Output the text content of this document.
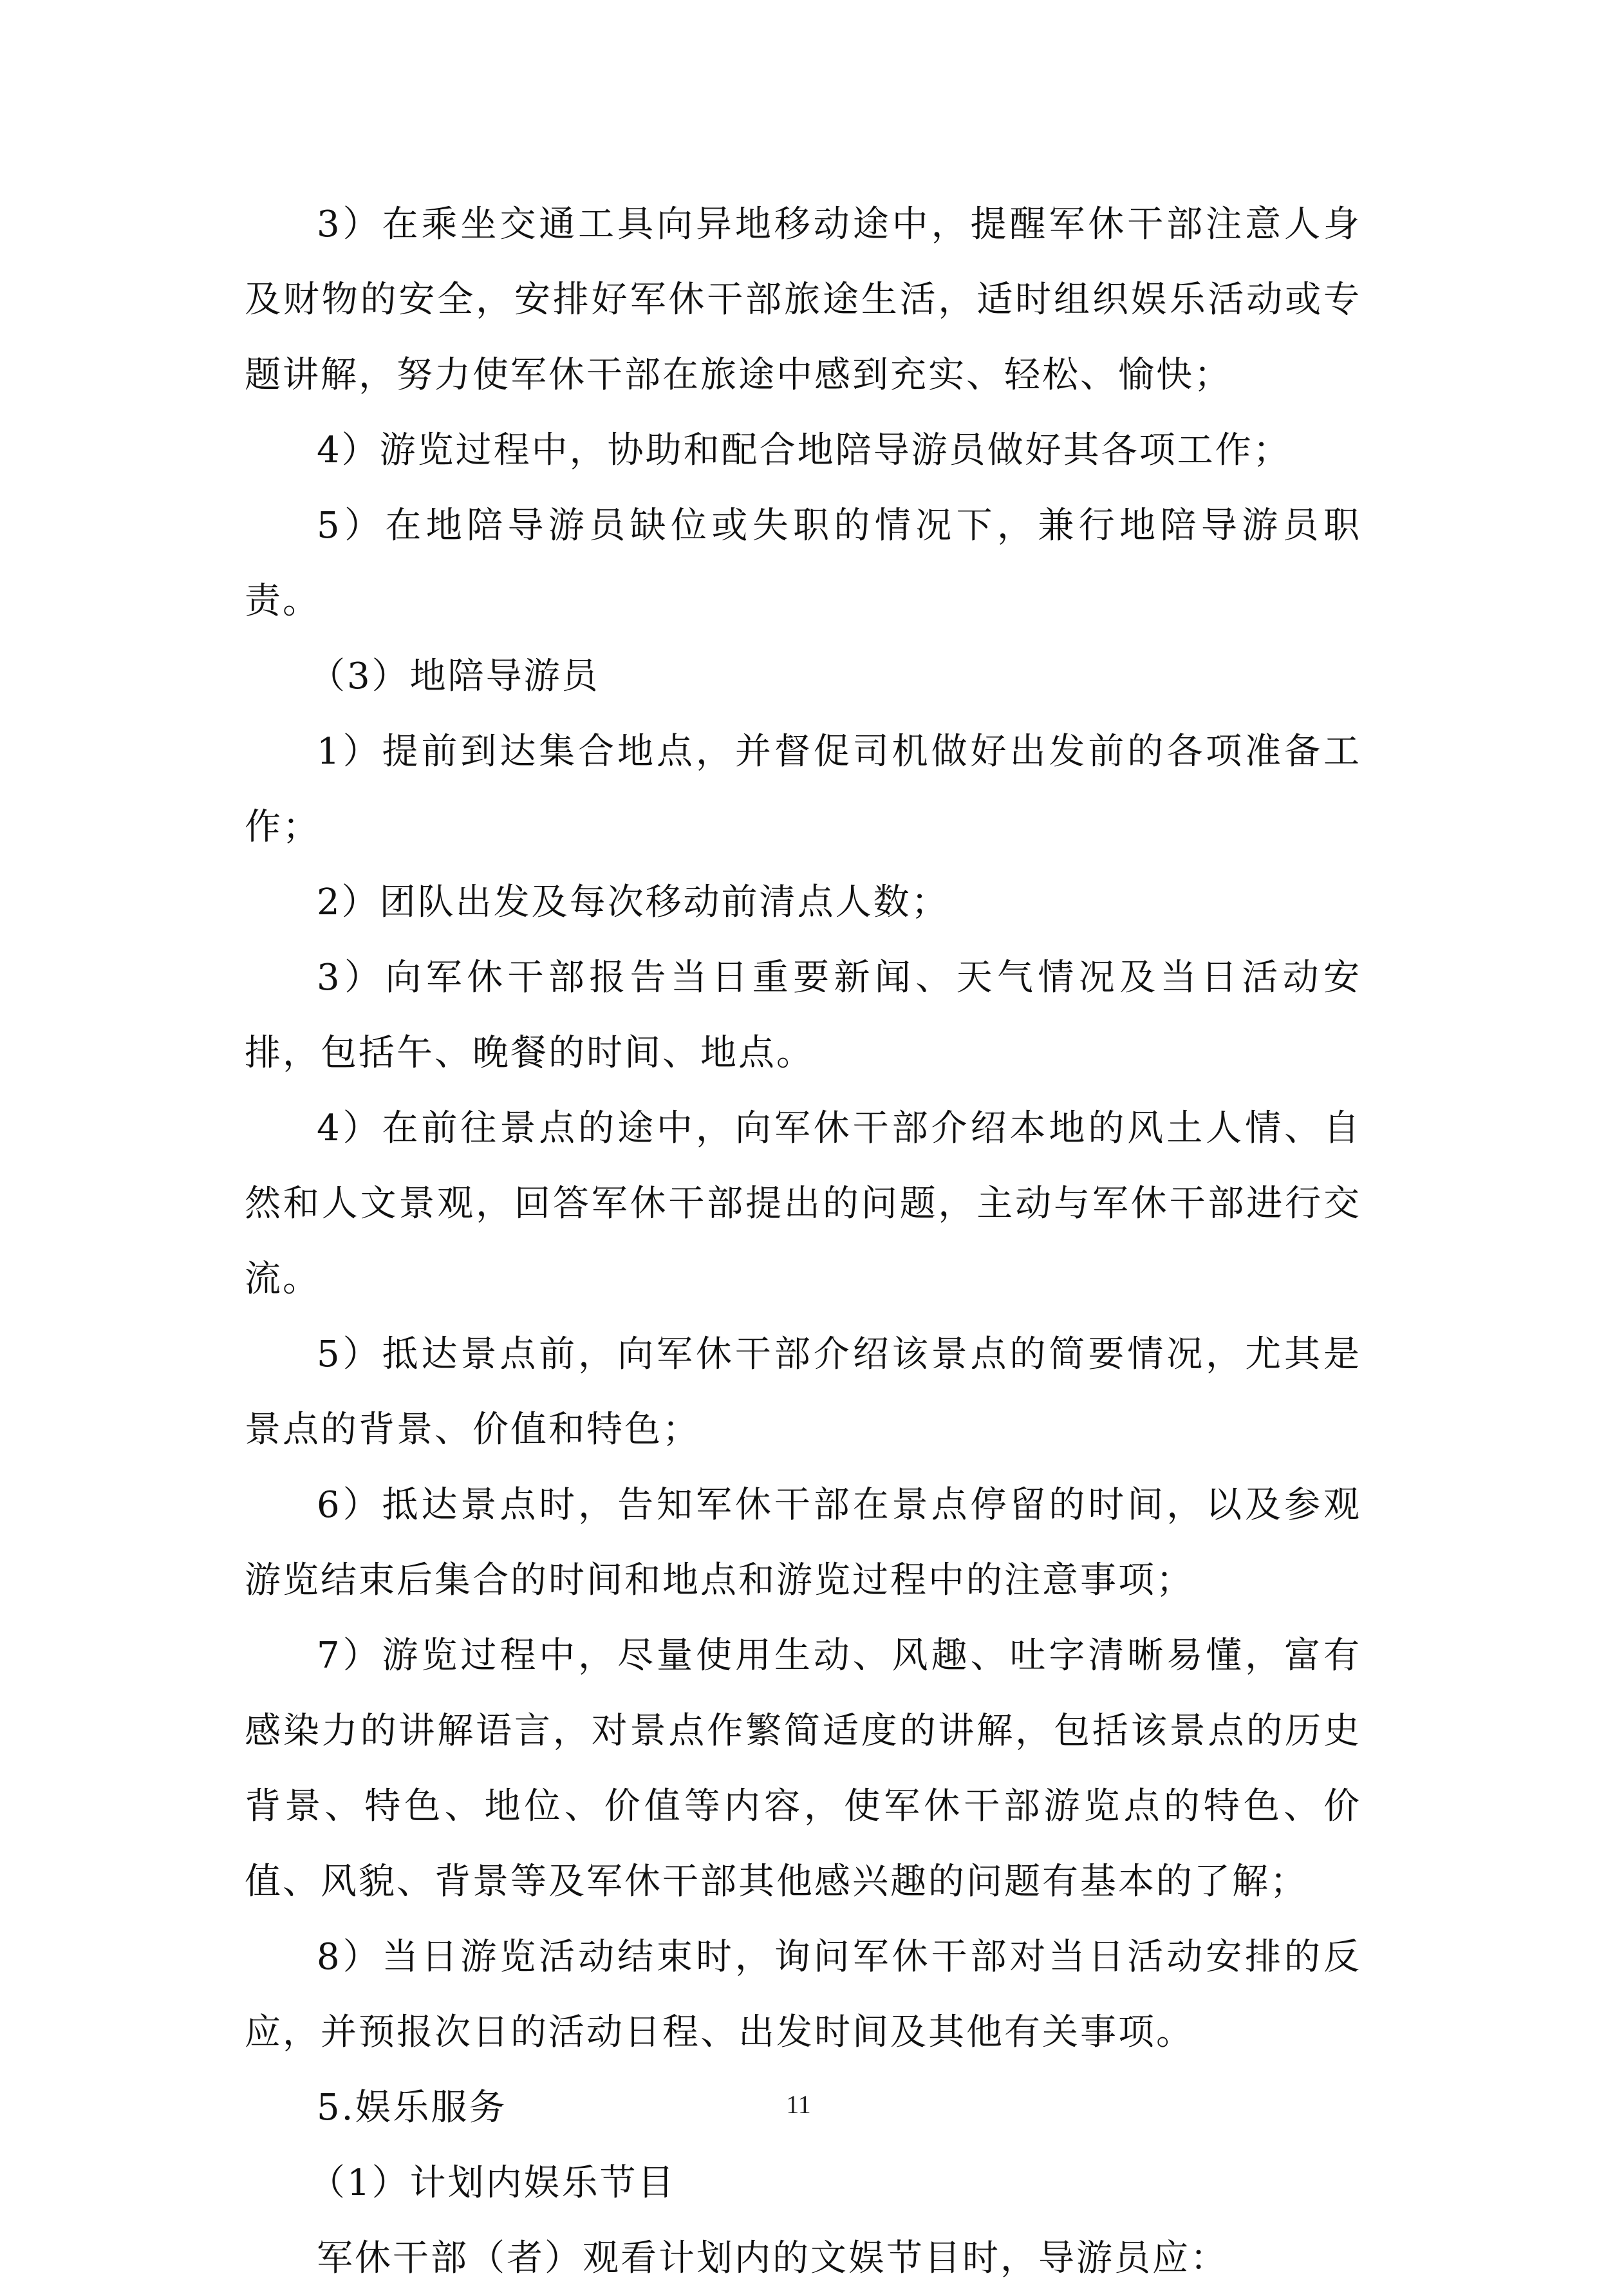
3）在乘坐交通工具向异地移动途中，提醒军休干部注意人身及财物的安全，安排好军休干部旅途生活，适时组织娱乐活动或专题讲解，努力使军休干部在旅途中感到充实、轻松、愉快；

4）游览过程中，协助和配合地陪导游员做好其各项工作；

5）在地陪导游员缺位或失职的情况下，兼行地陪导游员职责。

（3）地陪导游员

1）提前到达集合地点，并督促司机做好出发前的各项准备工作；

2）团队出发及每次移动前清点人数；

3）向军休干部报告当日重要新闻、天气情况及当日活动安排，包括午、晚餐的时间、地点。

4）在前往景点的途中，向军休干部介绍本地的风土人情、自然和人文景观，回答军休干部提出的问题，主动与军休干部进行交流。

5）抵达景点前，向军休干部介绍该景点的简要情况，尤其是景点的背景、价值和特色；

6）抵达景点时，告知军休干部在景点停留的时间，以及参观游览结束后集合的时间和地点和游览过程中的注意事项；

7）游览过程中，尽量使用生动、风趣、吐字清晰易懂，富有感染力的讲解语言，对景点作繁简适度的讲解，包括该景点的历史背景、特色、地位、价值等内容，使军休干部游览点的特色、价值、风貌、背景等及军休干部其他感兴趣的问题有基本的了解；

8）当日游览活动结束时，询问军休干部对当日活动安排的反应，并预报次日的活动日程、出发时间及其他有关事项。

5.娱乐服务

（1）计划内娱乐节目

军休干部（者）观看计划内的文娱节目时，导游员应：

11
